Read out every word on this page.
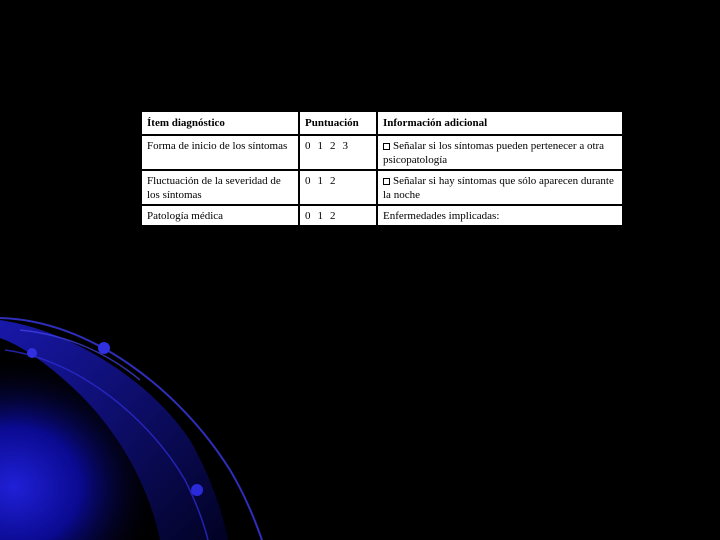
Ítem diagnóstico	Puntuación	Información adicional
Forma de inicio de los síntomas	0 1 2 3	Señalar si los síntomas pueden pertenecer a otra psicopatología
Fluctuación de la severidad de los síntomas	0 1 2	Señalar si hay síntomas que sólo aparecen durante la noche
Patología médica	0 1 2	Enfermedades implicadas:
